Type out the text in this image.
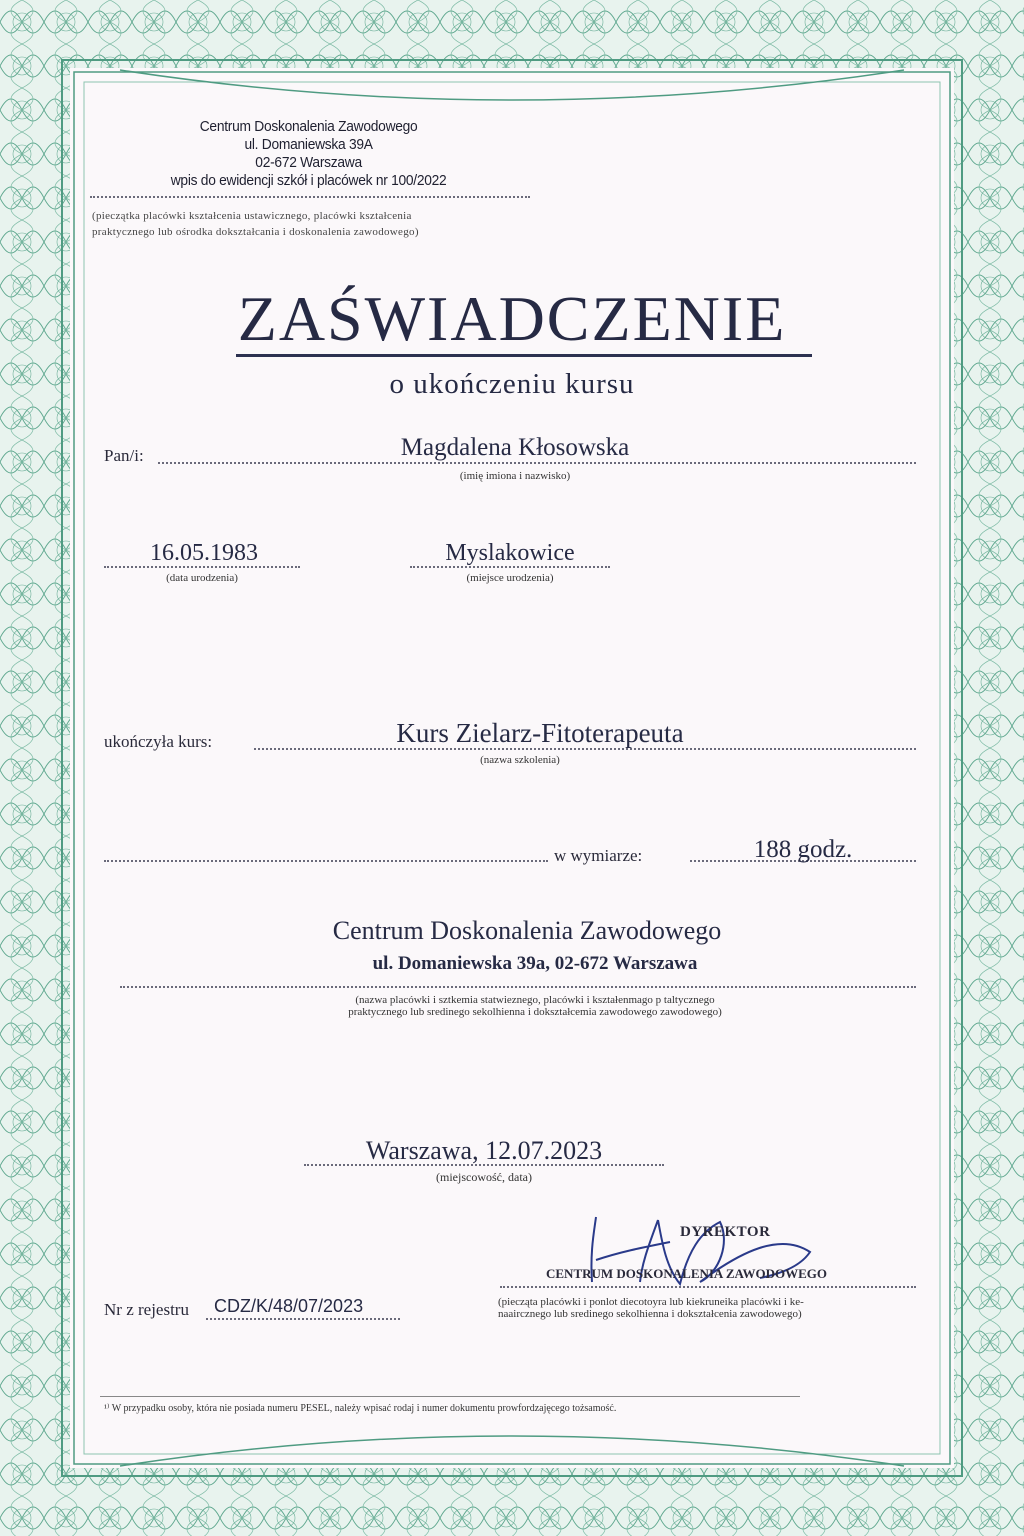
Centrum Doskonalenia Zawodowego
ul. Domaniewska 39A
02-672 Warszawa
wpis do ewidencji szkół i placówek nr 100/2022
(pieczątka placówki kształcenia ustawicznego, placówki kształcenia
praktycznego lub ośrodka dokształcania i doskonalenia zawodowego)
ZAŚWIADCZENIE
o ukończeniu kursu
Pan/i:	Magdalena Kłosowska
(imię imiona i nazwisko)
16.05.1983
(data urodzenia)
Myslakowice
(miejsce urodzenia)
ukończyła kurs:	Kurs Zielarz-Fitoterapeuta
(nazwa szkolenia)
w wymiarze:	188 godz.
Centrum Doskonalenia Zawodowego
ul. Domaniewska 39a, 02-672 Warszawa
(nazwa placówki i sztkemia statwieznego, placówki i kształenmago p taltycznego
praktycznego lub sredinego sekolhienna i dokształcemia zawodowego zawodowego)
Warszawa, 12.07.2023
(miejscowość, data)
DYREKTOR
CENTRUM DOSKONALENIA ZAWODOWEGO
(piecząta placówki i ponlot diecotoyra lub kiekruneika placówki i ke-
naaircznego lub sredinego sekolhienna i dokształcenia zawodowego)
Nr z rejestru CDZ/K/48/07/2023
¹⁾ W przypadku osoby, która nie posiada numeru PESEL, należy wpisać rodaj i numer dokumentu prowfordzajęcego tożsamość.
